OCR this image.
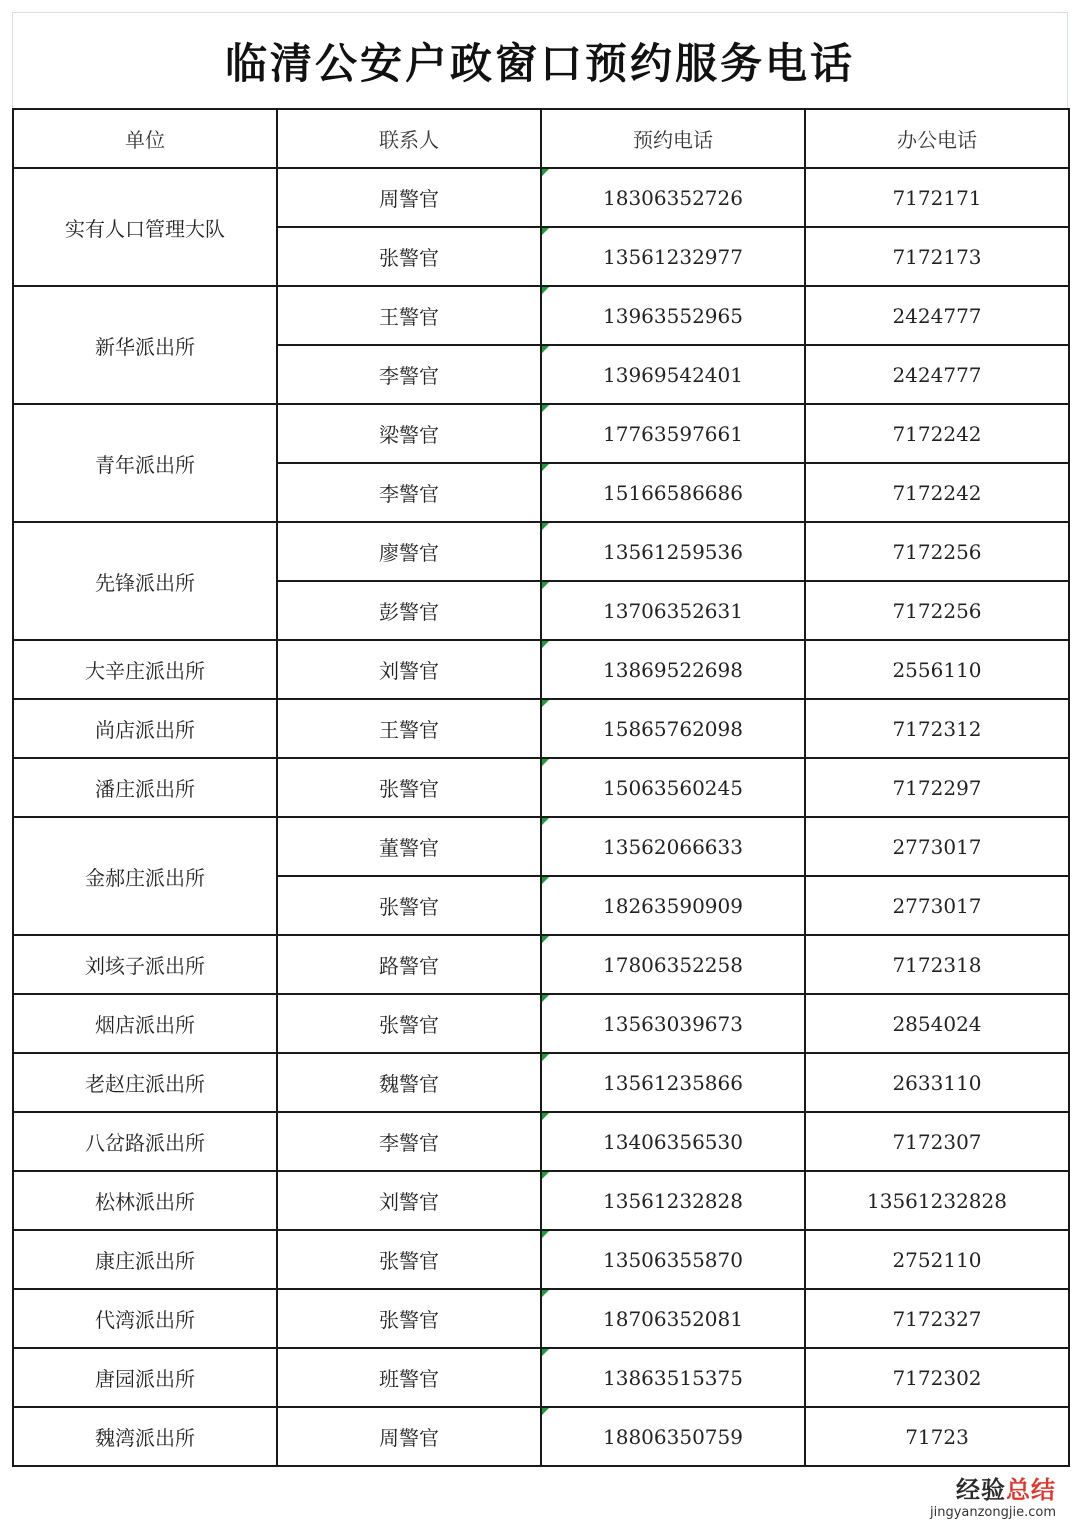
临清公安户政窗口预约服务电话
单位	联系人	预约电话	办公电话
实有人口管理大队	周警官	18306352726	7172171
	张警官	13561232977	7172173
新华派出所	王警官	13963552965	2424777
	李警官	13969542401	2424777
青年派出所	梁警官	17763597661	7172242
	李警官	15166586686	7172242
先锋派出所	廖警官	13561259536	7172256
	彭警官	13706352631	7172256
大辛庄派出所	刘警官	13869522698	2556110
尚店派出所	王警官	15865762098	7172312
潘庄派出所	张警官	15063560245	7172297
金郝庄派出所	董警官	13562066633	2773017
	张警官	18263590909	2773017
刘垓子派出所	路警官	17806352258	7172318
烟店派出所	张警官	13563039673	2854024
老赵庄派出所	魏警官	13561235866	2633110
八岔路派出所	李警官	13406356530	7172307
松林派出所	刘警官	13561232828	13561232828
康庄派出所	张警官	13506355870	2752110
代湾派出所	张警官	18706352081	7172327
唐园派出所	班警官	13863515375	7172302
魏湾派出所	周警官	18806350759	71723
经验总结
jingyanzongjie.com
